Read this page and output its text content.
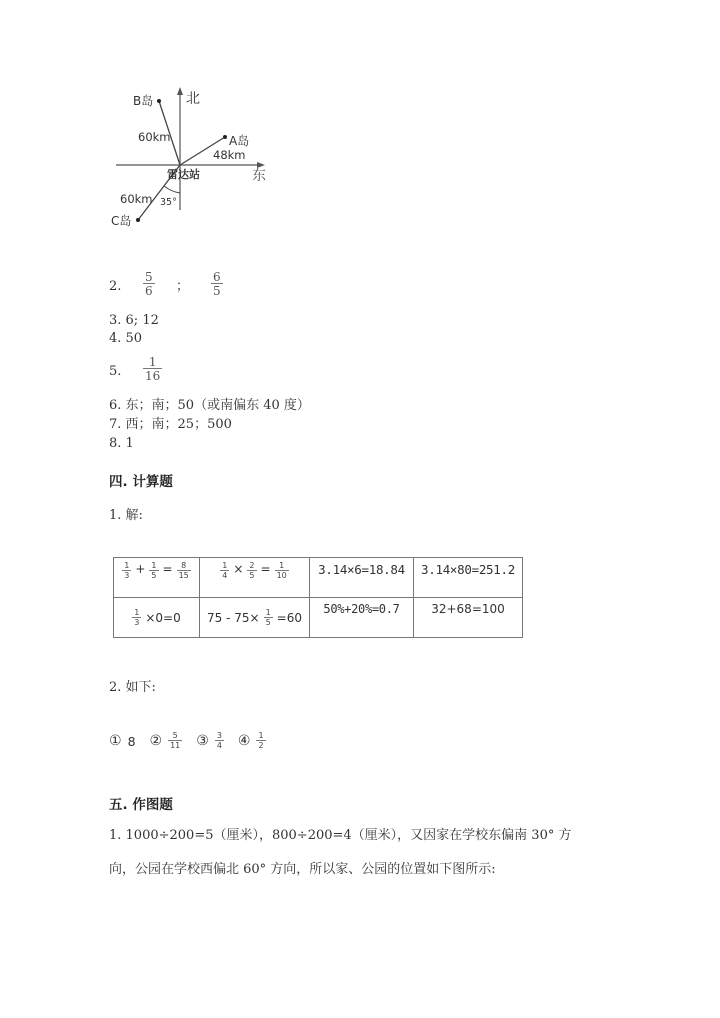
B岛 北
60km	A岛
48km
雷达站	东
60km 35°
C岛
2. $\frac{5}{6}$ ； $\frac{6}{5}$
3. 6; 12
4. 50
5. $\frac{1}{16}$
6. 东；南；50（或南偏东 40 度）
7. 西；南；25；500
8. 1
四. 计算题
1. 解:
$\frac{1}{3} + \frac{1}{5} = \frac{8}{15}$	$\frac{1}{4} \times \frac{2}{5} = \frac{1}{10}$	3.14×6=18.84	3.14×80=251.2

$\frac{1}{3} \times 0=0$	$75 - 75\times \frac{1}{5} =60$	50%+20%=0.7	32+68=100
2. 如下:
① 8 ② $\frac{5}{11}$ ③ $\frac{3}{4}$ ④ $\frac{1}{2}$
五. 作图题
1. 1000÷200=5（厘米），800÷200=4（厘米），又因家在学校东偏南 30° 方
向，公园在学校西偏北 60° 方向，所以家、公园的位置如下图所示:
